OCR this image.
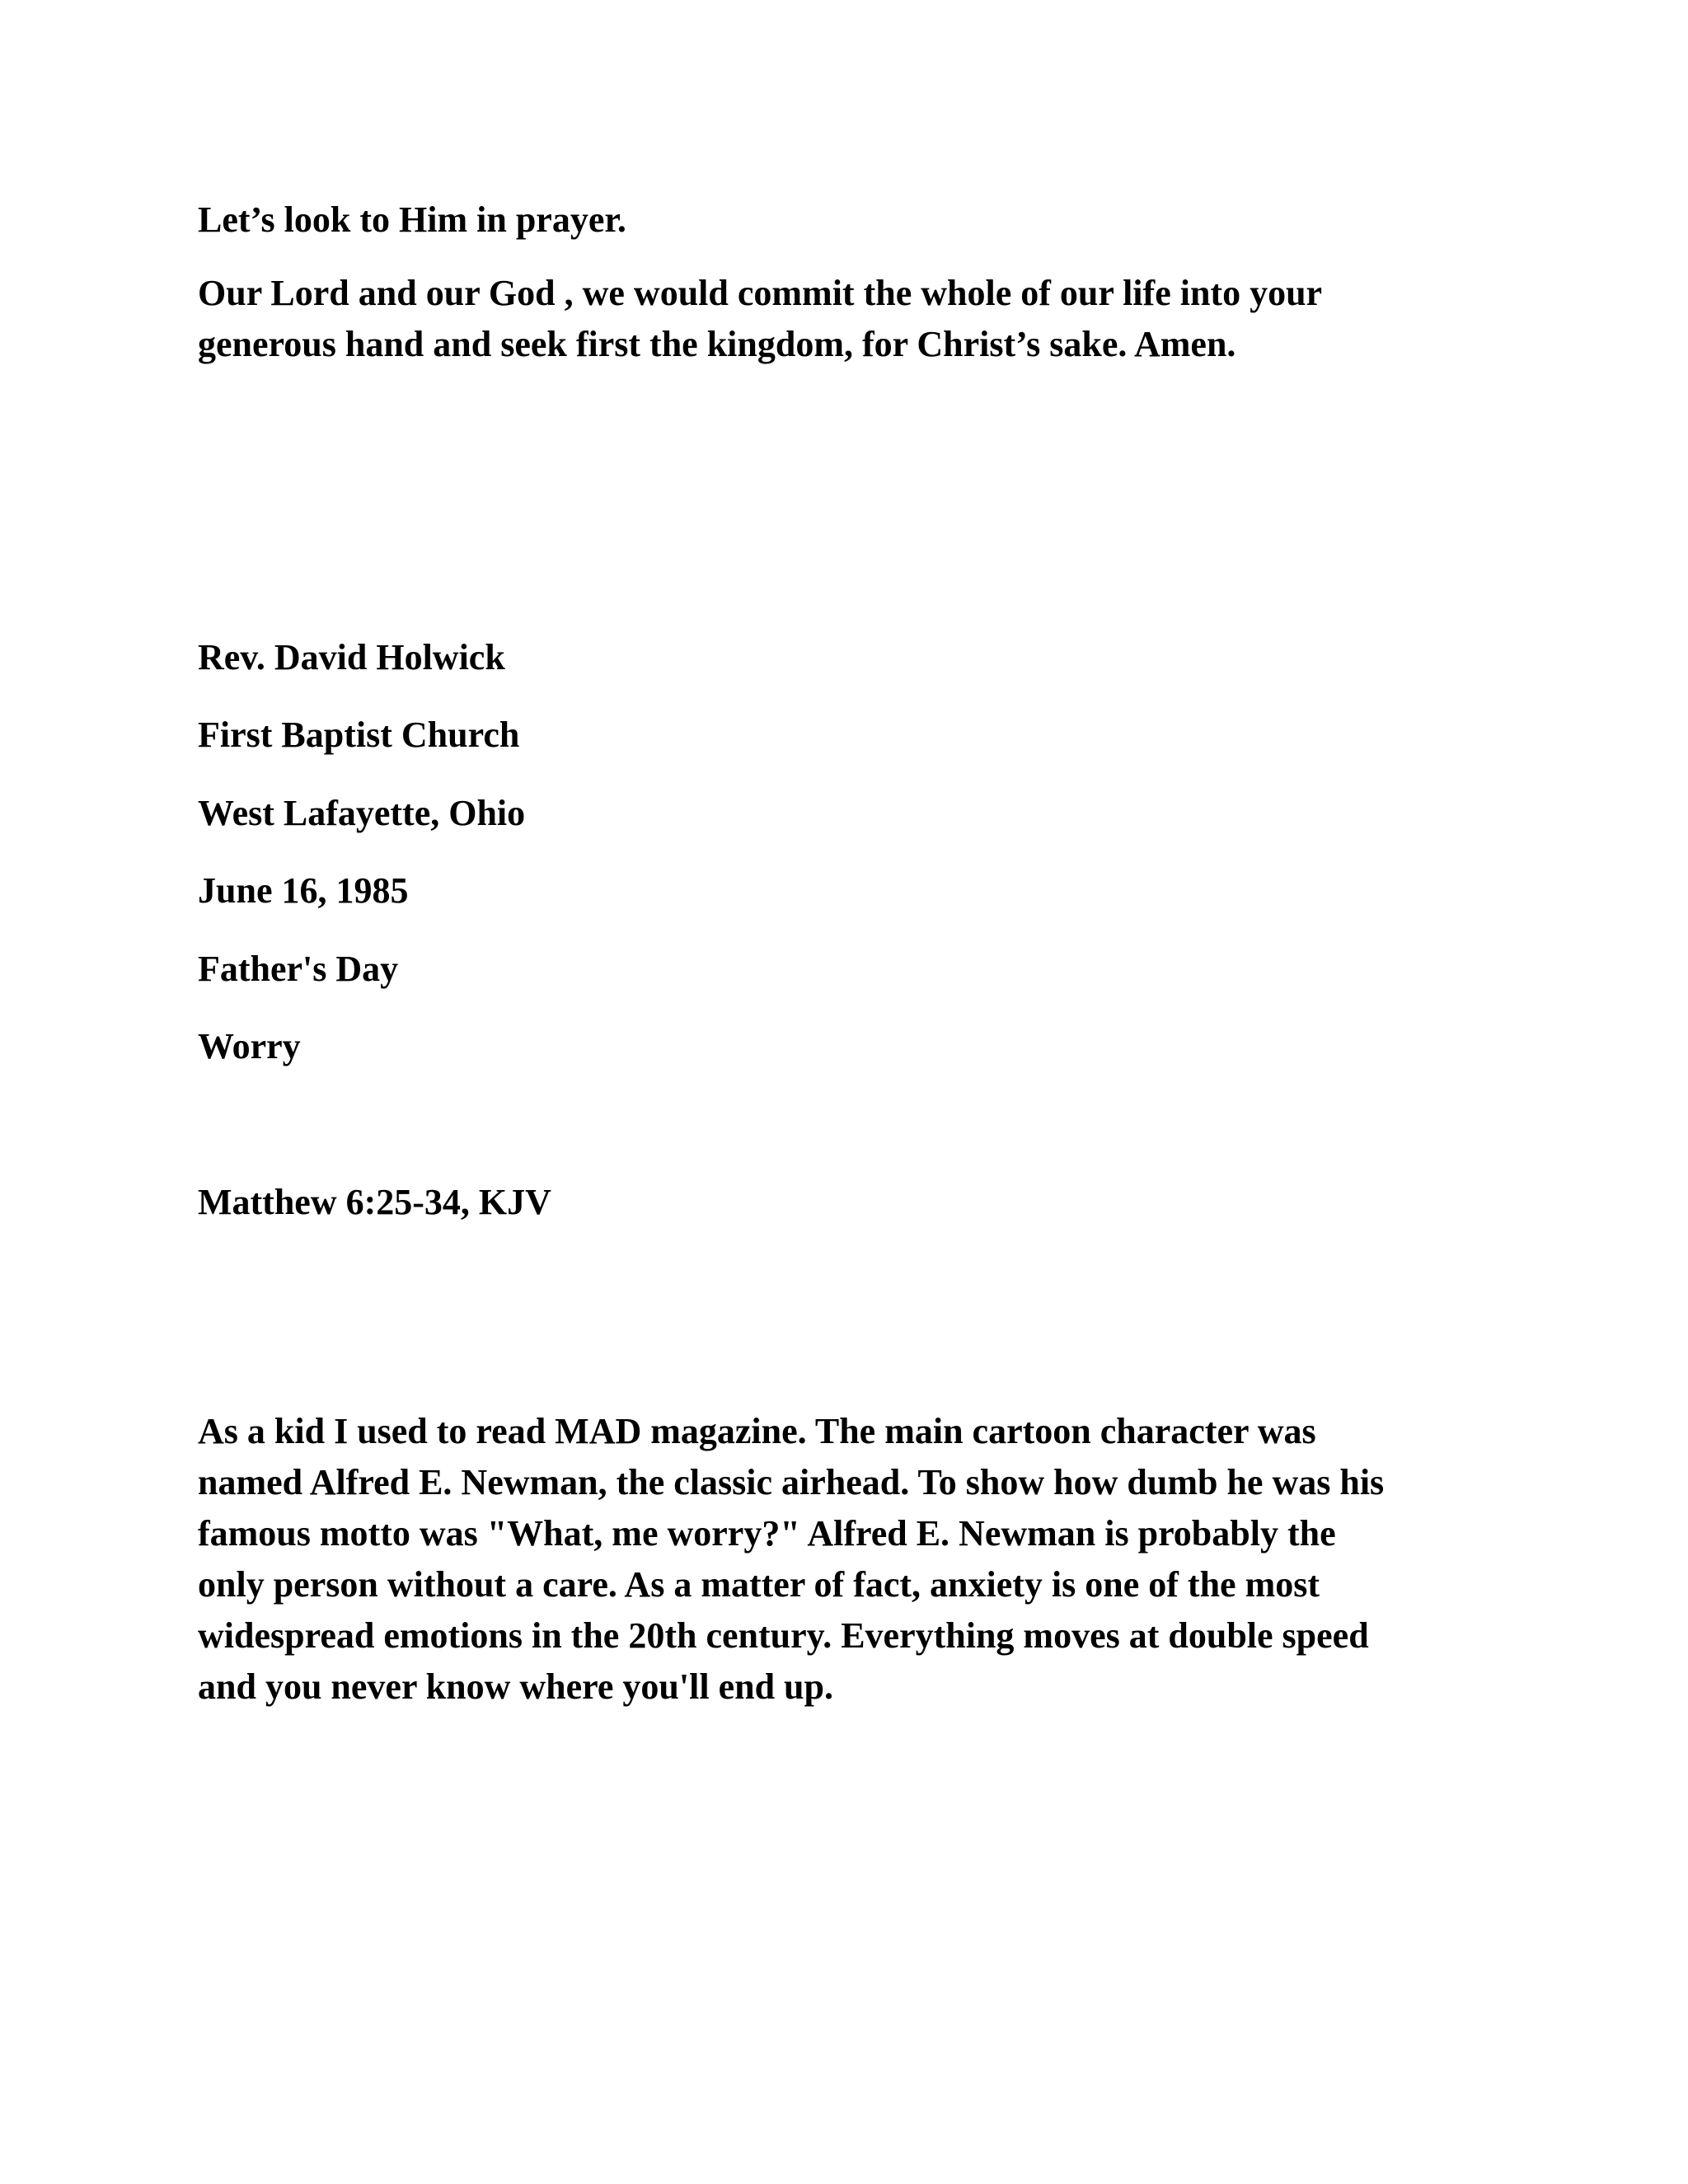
Let’s look to Him in prayer.

Our Lord and our God , we would commit the whole of our life into your
generous hand and seek first the kingdom, for Christ’s sake. Amen.

Rev. David Holwick

First Baptist Church

West Lafayette, Ohio

June 16, 1985

Father's Day

Worry

Matthew 6:25-34, KJV

As a kid I used to read MAD magazine. The main cartoon character was
named Alfred E. Newman, the classic airhead. To show how dumb he was his
famous motto was "What, me worry?" Alfred E. Newman is probably the
only person without a care. As a matter of fact, anxiety is one of the most
widespread emotions in the 20th century. Everything moves at double speed
and you never know where you'll end up.
